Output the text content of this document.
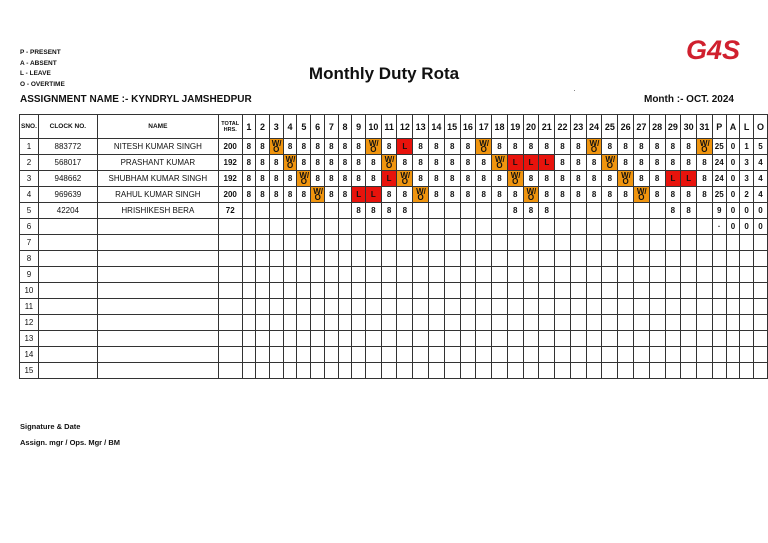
P - PRESENT
A - ABSENT
L - LEAVE
O - OVERTIME
Monthly Duty Rota
G4S
ASSIGNMENT NAME :- KYNDRYL JAMSHEDPUR	Month :- OCT. 2024
SNO.	CLOCK NO.	NAME	TOTAL HRS.	1	2	3	4	5	6	7	8	9	10	11	12	13	14	15	16	17	18	19	20	21	22	23	24	25	26	27	28	29	30	31	P	A	L	O
1	883772	NITESH KUMAR SINGH	200	8	8	W/O	8	8	8	8	8	8	W/O	8	L	8	8	8	8	W/O	8	8	8	8	8	8	W/O	8	8	8	8	8	8	W/O	25	0	1	5
2	568017	PRASHANT KUMAR	192	8	8	8	W/O	8	8	8	8	8	8	W/O	8	8	8	8	8	8	W/O	L	L	L	8	8	8	W/O	8	8	8	8	8	8	24	0	3	4
3	948662	SHUBHAM KUMAR SINGH	192	8	8	8	8	W/O	8	8	8	8	8	L	W/O	8	8	8	8	8	8	W/O	8	8	8	8	8	8	W/O	8	8	L	L	8	24	0	3	4
4	969639	RAHUL KUMAR SINGH	200	8	8	8	8	8	W/O	8	8	L	L	8	8	W/O	8	8	8	8	8	8	W/O	8	8	8	8	8	8	W/O	8	8	8	8	25	0	2	4
5	42204	HRISHIKESH BERA	72									8	8	8	8							8	8	8								8	8		9	0	0	0
6																																			·	0	0	0
7																																						
8																																						
9																																						
10																																						
11																																						
12																																						
13																																						
14																																						
15																																						
Signature & Date
Assign. mgr / Ops. Mgr / BM
